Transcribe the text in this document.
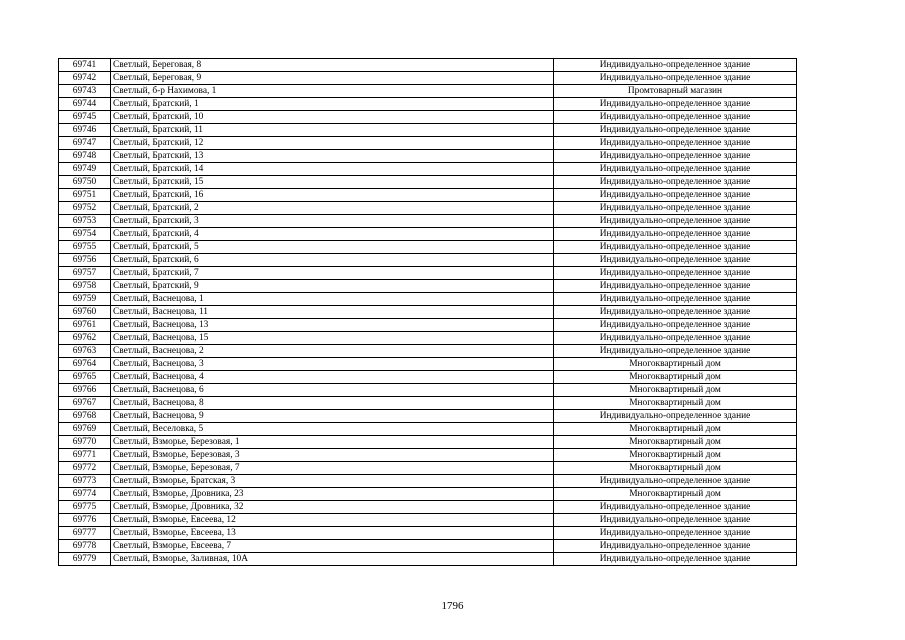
69741	Светлый, Береговая, 8	Индивидуально-определенное здание
69742	Светлый, Береговая, 9	Индивидуально-определенное здание
69743	Светлый, б-р Нахимова, 1	Промтоварный магазин
69744	Светлый, Братский, 1	Индивидуально-определенное здание
69745	Светлый, Братский, 10	Индивидуально-определенное здание
69746	Светлый, Братский, 11	Индивидуально-определенное здание
69747	Светлый, Братский, 12	Индивидуально-определенное здание
69748	Светлый, Братский, 13	Индивидуально-определенное здание
69749	Светлый, Братский, 14	Индивидуально-определенное здание
69750	Светлый, Братский, 15	Индивидуально-определенное здание
69751	Светлый, Братский, 16	Индивидуально-определенное здание
69752	Светлый, Братский, 2	Индивидуально-определенное здание
69753	Светлый, Братский, 3	Индивидуально-определенное здание
69754	Светлый, Братский, 4	Индивидуально-определенное здание
69755	Светлый, Братский, 5	Индивидуально-определенное здание
69756	Светлый, Братский, 6	Индивидуально-определенное здание
69757	Светлый, Братский, 7	Индивидуально-определенное здание
69758	Светлый, Братский, 9	Индивидуально-определенное здание
69759	Светлый, Васнецова, 1	Индивидуально-определенное здание
69760	Светлый, Васнецова, 11	Индивидуально-определенное здание
69761	Светлый, Васнецова, 13	Индивидуально-определенное здание
69762	Светлый, Васнецова, 15	Индивидуально-определенное здание
69763	Светлый, Васнецова, 2	Индивидуально-определенное здание
69764	Светлый, Васнецова, 3	Многоквартирный дом
69765	Светлый, Васнецова, 4	Многоквартирный дом
69766	Светлый, Васнецова, 6	Многоквартирный дом
69767	Светлый, Васнецова, 8	Многоквартирный дом
69768	Светлый, Васнецова, 9	Индивидуально-определенное здание
69769	Светлый, Веселовка, 5	Многоквартирный дом
69770	Светлый, Взморье, Березовая, 1	Многоквартирный дом
69771	Светлый, Взморье, Березовая, 3	Многоквартирный дом
69772	Светлый, Взморье, Березовая, 7	Многоквартирный дом
69773	Светлый, Взморье, Братская, 3	Индивидуально-определенное здание
69774	Светлый, Взморье, Дровника, 23	Многоквартирный дом
69775	Светлый, Взморье, Дровника, 32	Индивидуально-определенное здание
69776	Светлый, Взморье, Евсеева, 12	Индивидуально-определенное здание
69777	Светлый, Взморье, Евсеева, 13	Индивидуально-определенное здание
69778	Светлый, Взморье, Евсеева, 7	Индивидуально-определенное здание
69779	Светлый, Взморье, Заливная, 10А	Индивидуально-определенное здание
1796
